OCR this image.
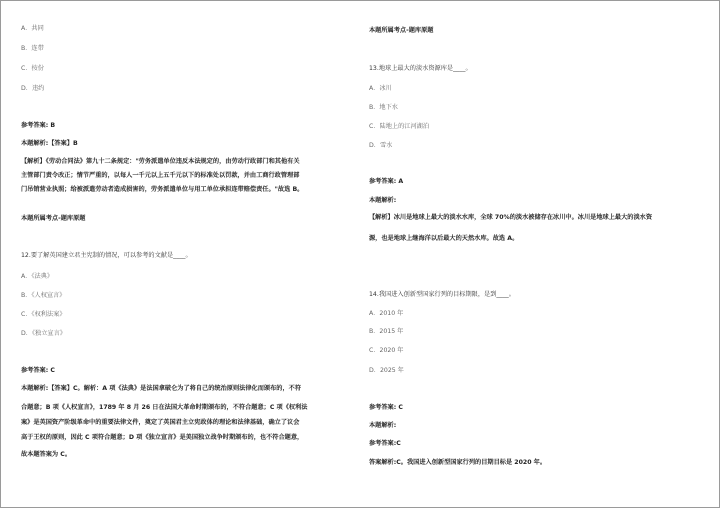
A．共同
B．连带
C．按份
D．违约
参考答案: B
本题解析:【答案】B
【解析】《劳动合同法》第九十二条规定："劳务派遣单位违反本法规定的，由劳动行政部门和其他有关
主管部门责令改正；情节严重的，以每人一千元以上五千元以下的标准处以罚款，并由工商行政管理部
门吊销营业执照；给被派遣劳动者造成损害的，劳务派遣单位与用工单位承担连带赔偿责任。"故选 B。
本题所属考点-题库原题
12.要了解英国建立君主宪制的情况，可以参考的文献是____。
A．《法典》
B．《人权宣言》
C．《权利法案》
D．《独立宣言》
参考答案: C
本题解析:【答案】C。解析：A 项《法典》是法国拿破仑为了将自己的统治原则法律化而颁布的，不符
合题意；B 项《人权宣言》，1789 年 8 月 26 日在法国大革命时期颁布的，不符合题意；C 项《权利法
案》是英国资产阶级革命中的重要法律文件，奠定了英国君主立宪政体的理论和法律基础，确立了议会
高于王权的原则，因此 C 项符合题意；D 项《独立宣言》是美国独立战争时期颁布的，也不符合题意，
故本题答案为 C。
本题所属考点-题库原题
13.地球上最大的淡水资源库是____。
A．冰川
B．地下水
C．陆地上的江河湖泊
D．雪水
参考答案: A
本题解析:
【解析】冰川是地球上最大的淡水水库，全球 70%的淡水被储存在冰川中。冰川是地球上最大的淡水资
源，也是地球上继海洋以后最大的天然水库。故选 A。
14.我国进入创新型国家行列的目标期限，是到____。
A．2010 年
B．2015 年
C．2020 年
D．2025 年
参考答案: C
本题解析:
参考答案:C
答案解析:C。我国进入创新型国家行列的目期目标是 2020 年。
